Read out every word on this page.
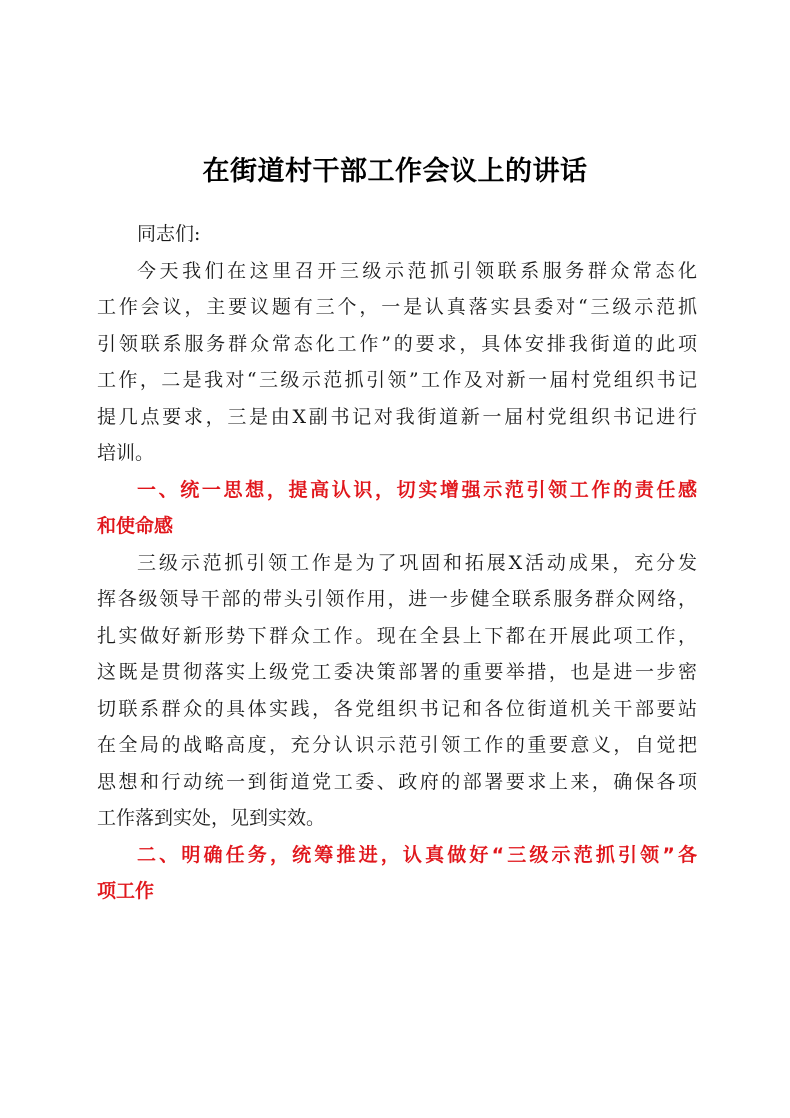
在街道村干部工作会议上的讲话
同志们:
今天我们在这里召开三级示范抓引领联系服务群众常态化
工作会议，主要议题有三个，一是认真落实县委对“三级示范抓
引领联系服务群众常态化工作”的要求，具体安排我街道的此项
工作，二是我对“三级示范抓引领”工作及对新一届村党组织书记
提几点要求，三是由X副书记对我街道新一届村党组织书记进行
培训。
一、统一思想，提高认识，切实增强示范引领工作的责任感
和使命感
三级示范抓引领工作是为了巩固和拓展X活动成果，充分发
挥各级领导干部的带头引领作用，进一步健全联系服务群众网络，
扎实做好新形势下群众工作。现在全县上下都在开展此项工作，
这既是贯彻落实上级党工委决策部署的重要举措，也是进一步密
切联系群众的具体实践，各党组织书记和各位街道机关干部要站
在全局的战略高度，充分认识示范引领工作的重要意义，自觉把
思想和行动统一到街道党工委、政府的部署要求上来，确保各项
工作落到实处，见到实效。
二、明确任务，统筹推进，认真做好“三级示范抓引领”各
项工作
